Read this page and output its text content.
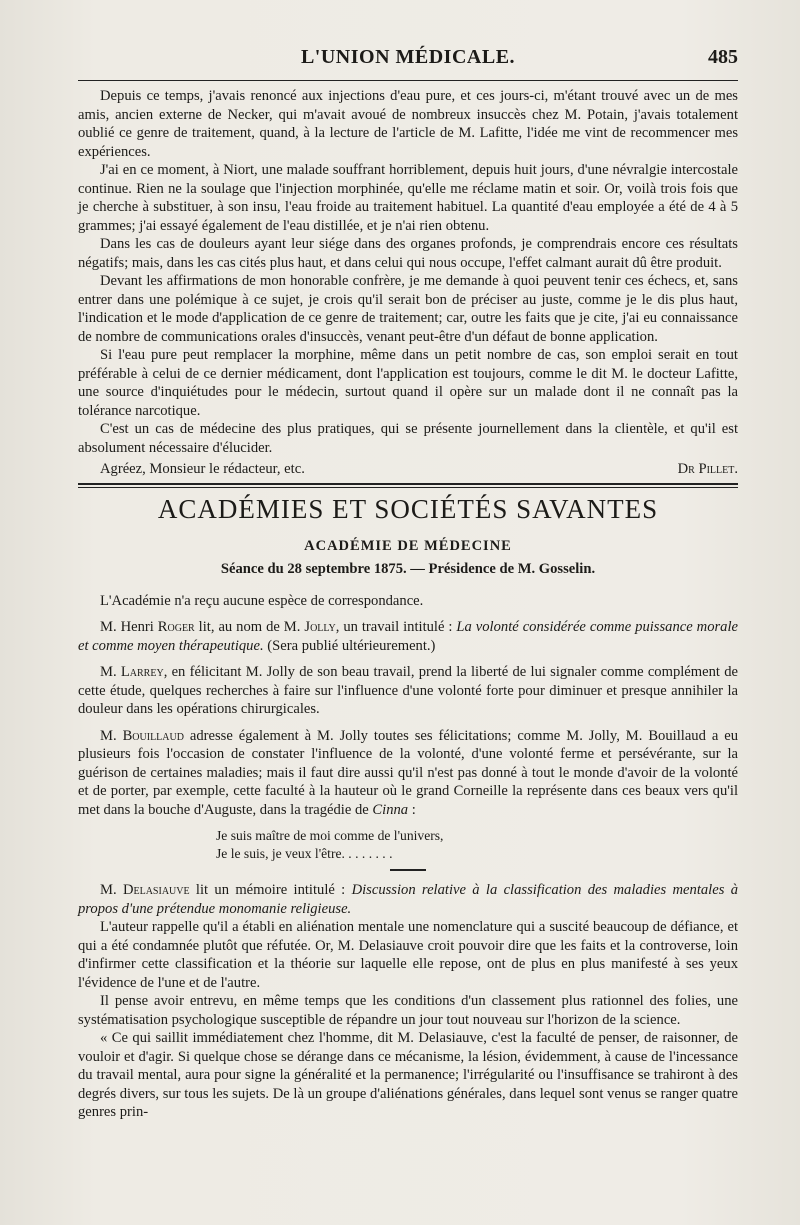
L'UNION MÉDICALE.	485

Depuis ce temps, j'avais renoncé aux injections d'eau pure, et ces jours-ci, m'étant trouvé avec un de mes amis, ancien externe de Necker, qui m'avait avoué de nombreux insuccès chez M. Potain, j'avais totalement oublié ce genre de traitement, quand, à la lecture de l'article de M. Lafitte, l'idée me vint de recommencer mes expériences.

J'ai en ce moment, à Niort, une malade souffrant horriblement, depuis huit jours, d'une névralgie intercostale continue. Rien ne la soulage que l'injection morphinée, qu'elle me réclame matin et soir. Or, voilà trois fois que je cherche à substituer, à son insu, l'eau froide au traitement habituel. La quantité d'eau employée a été de 4 à 5 grammes; j'ai essayé également de l'eau distillée, et je n'ai rien obtenu.

Dans les cas de douleurs ayant leur siége dans des organes profonds, je comprendrais encore ces résultats négatifs; mais, dans les cas cités plus haut, et dans celui qui nous occupe, l'effet calmant aurait dû être produit.

Devant les affirmations de mon honorable confrère, je me demande à quoi peuvent tenir ces échecs, et, sans entrer dans une polémique à ce sujet, je crois qu'il serait bon de préciser au juste, comme je le dis plus haut, l'indication et le mode d'application de ce genre de traitement; car, outre les faits que je cite, j'ai eu connaissance de nombre de communications orales d'insuccès, venant peut-être d'un défaut de bonne application.

Si l'eau pure peut remplacer la morphine, même dans un petit nombre de cas, son emploi serait en tout préférable à celui de ce dernier médicament, dont l'application est toujours, comme le dit M. le docteur Lafitte, une source d'inquiétudes pour le médecin, surtout quand il opère sur un malade dont il ne connaît pas la tolérance narcotique.

C'est un cas de médecine des plus pratiques, qui se présente journellement dans la clientèle, et qu'il est absolument nécessaire d'élucider.

Agréez, Monsieur le rédacteur, etc.	Dr Pillet.
ACADÉMIES ET SOCIÉTÉS SAVANTES
ACADÉMIE DE MÉDECINE
Séance du 28 septembre 1875. — Présidence de M. Gosselin.

L'Académie n'a reçu aucune espèce de correspondance.

M. Henri Roger lit, au nom de M. Jolly, un travail intitulé : La volonté considérée comme puissance morale et comme moyen thérapeutique. (Sera publié ultérieurement.)

M. Larrey, en félicitant M. Jolly de son beau travail, prend la liberté de lui signaler comme complément de cette étude, quelques recherches à faire sur l'influence d'une volonté forte pour diminuer et presque annihiler la douleur dans les opérations chirurgicales.

M. Bouillaud adresse également à M. Jolly toutes ses félicitations; comme M. Jolly, M. Bouillaud a eu plusieurs fois l'occasion de constater l'influence de la volonté, d'une volonté ferme et persévérante, sur la guérison de certaines maladies; mais il faut dire aussi qu'il n'est pas donné à tout le monde d'avoir de la volonté et de porter, par exemple, cette faculté à la hauteur où le grand Corneille la représente dans ces beaux vers qu'il met dans la bouche d'Auguste, dans la tragédie de Cinna :

Je suis maître de moi comme de l'univers,
Je le suis, je veux l'être. . . . . . . .

M. Delasiauve lit un mémoire intitulé : Discussion relative à la classification des maladies mentales à propos d'une prétendue monomanie religieuse.

L'auteur rappelle qu'il a établi en aliénation mentale une nomenclature qui a suscité beaucoup de défiance, et qui a été condamnée plutôt que réfutée. Or, M. Delasiauve croit pouvoir dire que les faits et la controverse, loin d'infirmer cette classification et la théorie sur laquelle elle repose, ont de plus en plus manifesté à ses yeux l'évidence de l'une et de l'autre.

Il pense avoir entrevu, en même temps que les conditions d'un classement plus rationnel des folies, une systématisation psychologique susceptible de répandre un jour tout nouveau sur l'horizon de la science.

« Ce qui saillit immédiatement chez l'homme, dit M. Delasiauve, c'est la faculté de penser, de raisonner, de vouloir et d'agir. Si quelque chose se dérange dans ce mécanisme, la lésion, évidemment, à cause de l'incessance du travail mental, aura pour signe la généralité et la permanence; l'irrégularité ou l'insuffisance se trahiront à des degrés divers, sur tous les sujets. De là un groupe d'aliénations générales, dans lequel sont venus se ranger quatre genres prin-
